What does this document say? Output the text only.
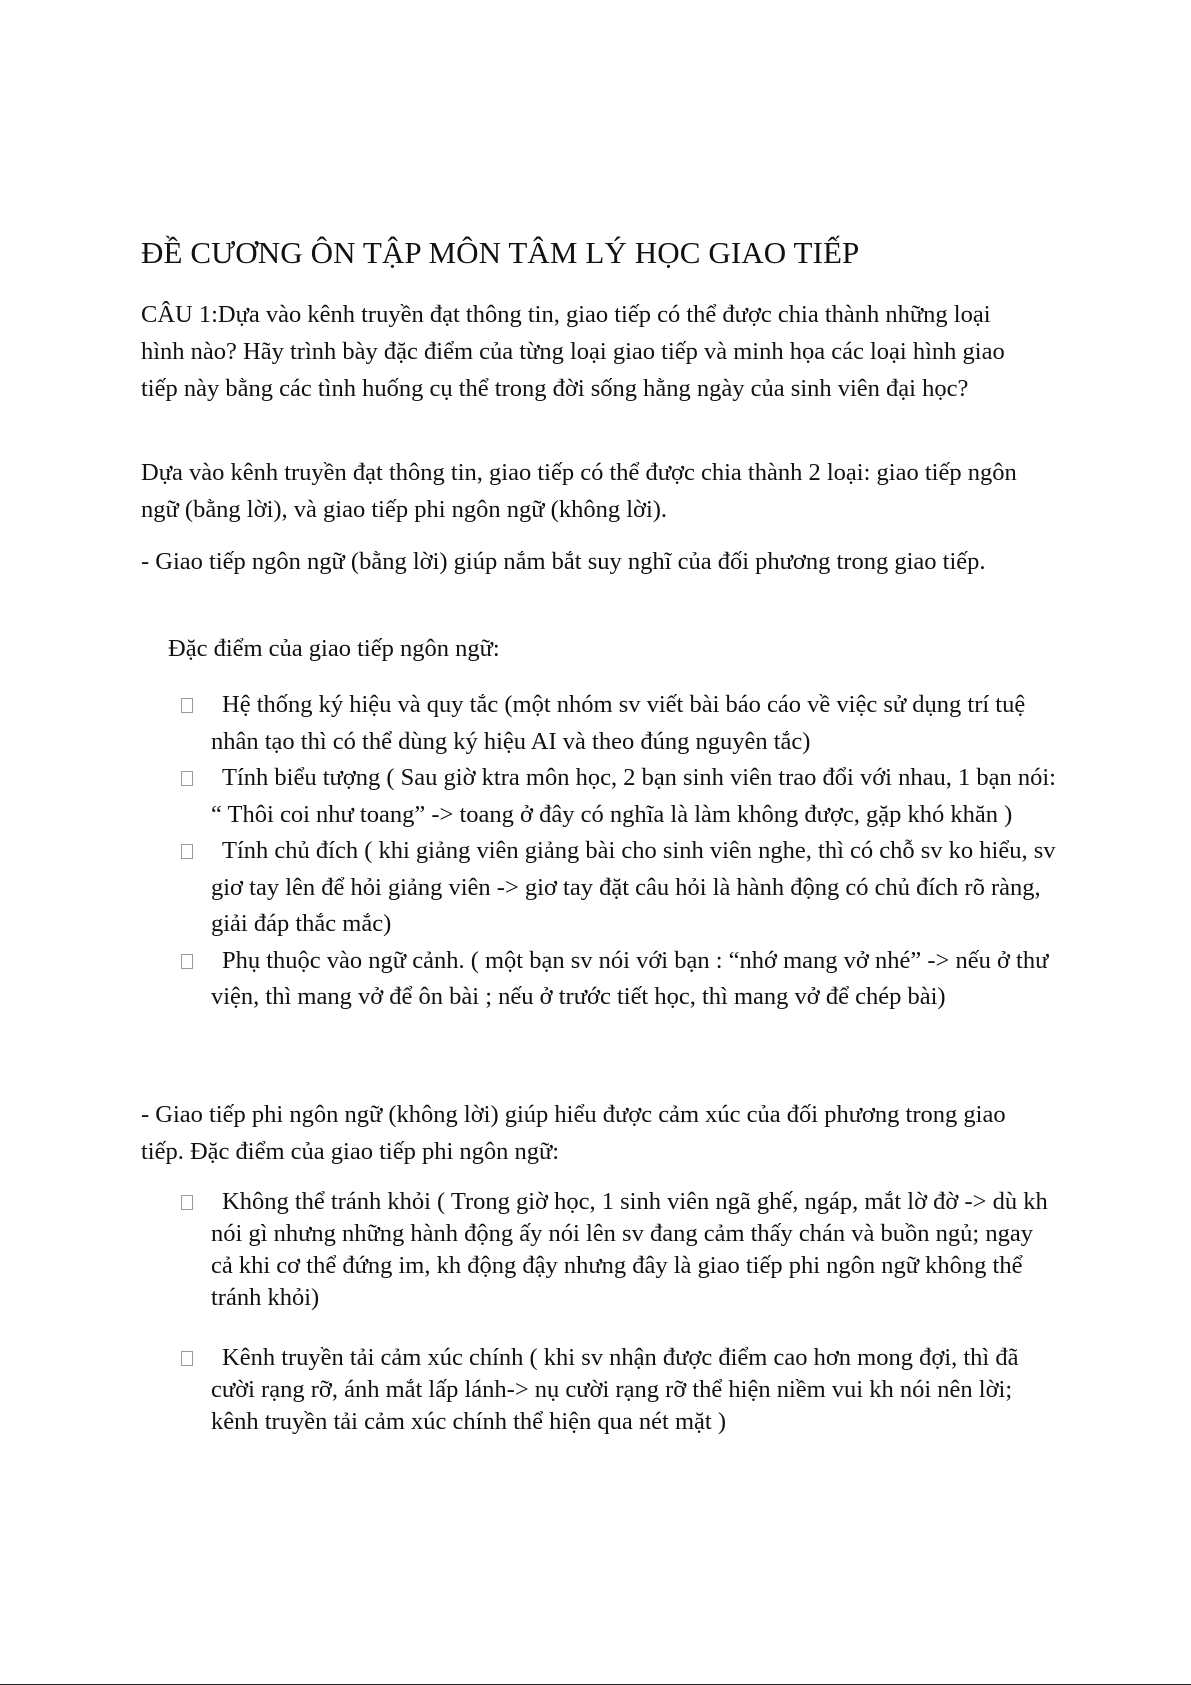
ĐỀ CƯƠNG ÔN TẬP MÔN TÂM LÝ HỌC GIAO TIẾP

CÂU 1:Dựa vào kênh truyền đạt thông tin, giao tiếp có thể được chia thành những loại hình nào? Hãy trình bày đặc điểm của từng loại giao tiếp và minh họa các loại hình giao tiếp này bằng các tình huống cụ thể trong đời sống hằng ngày của sinh viên đại học?

Dựa vào kênh truyền đạt thông tin, giao tiếp có thể được chia thành 2 loại: giao tiếp ngôn ngữ (bằng lời), và giao tiếp phi ngôn ngữ (không lời).

- Giao tiếp ngôn ngữ (bằng lời) giúp nắm bắt suy nghĩ của đối phương trong giao tiếp.

Đặc điểm của giao tiếp ngôn ngữ:

Hệ thống ký hiệu và quy tắc (một nhóm sv viết bài báo cáo về việc sử dụng trí tuệ nhân tạo thì có thể dùng ký hiệu AI và theo đúng nguyên tắc)
Tính biểu tượng ( Sau giờ ktra môn học, 2 bạn sinh viên trao đổi với nhau, 1 bạn nói: “ Thôi coi như toang” -> toang ở đây có nghĩa là làm không được, gặp khó khăn )
Tính chủ đích ( khi giảng viên giảng bài cho sinh viên nghe, thì có chỗ sv ko hiểu, sv giơ tay lên để hỏi giảng viên -> giơ tay đặt câu hỏi là hành động có chủ đích rõ ràng, giải đáp thắc mắc)
Phụ thuộc vào ngữ cảnh. ( một bạn sv nói với bạn : “nhớ mang vở nhé” -> nếu ở thư viện, thì mang vở để ôn bài ; nếu ở trước tiết học, thì mang vở để chép bài)

- Giao tiếp phi ngôn ngữ (không lời) giúp hiểu được cảm xúc của đối phương trong giao tiếp. Đặc điểm của giao tiếp phi ngôn ngữ:

Không thể tránh khỏi ( Trong giờ học, 1 sinh viên ngã ghế, ngáp, mắt lờ đờ -> dù kh nói gì nhưng những hành động ấy nói lên sv đang cảm thấy chán và buồn ngủ; ngay cả khi cơ thể đứng im, kh động đậy nhưng đây là giao tiếp phi ngôn ngữ không thể tránh khỏi)
Kênh truyền tải cảm xúc chính ( khi sv nhận được điểm cao hơn mong đợi, thì đã cười rạng rỡ, ánh mắt lấp lánh-> nụ cười rạng rỡ thể hiện niềm vui kh nói nên lời; kênh truyền tải cảm xúc chính thể hiện qua nét mặt )
